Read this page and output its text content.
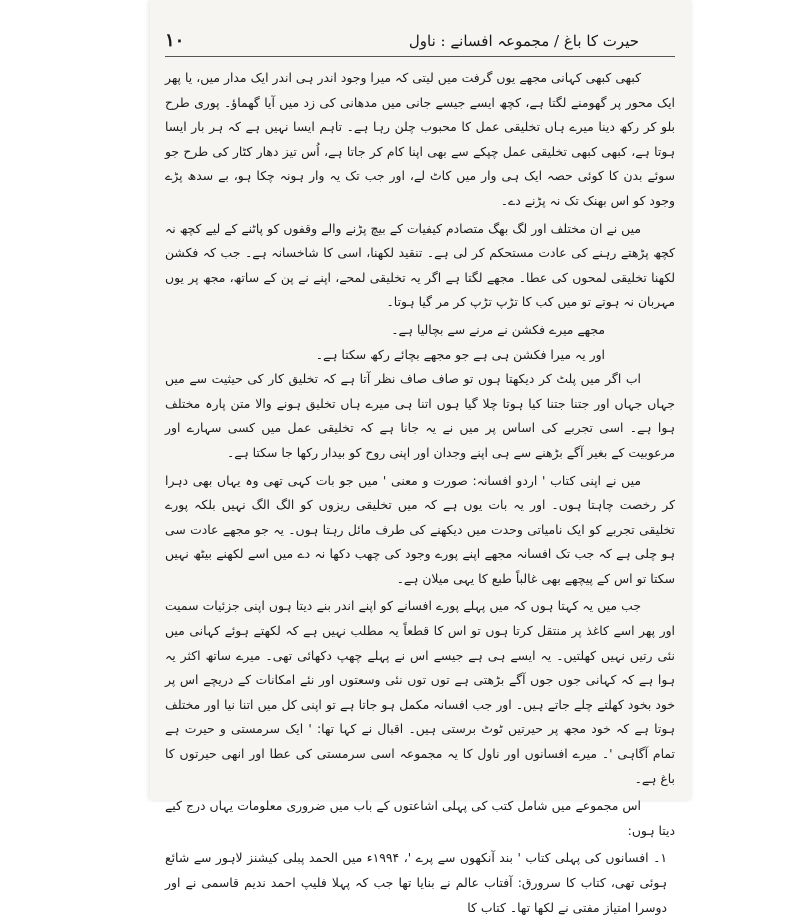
حیرت کا باغ / مجموعہ افسانے : ناول
۱۰

کبھی کبھی کہانی مجھے یوں گرفت میں لیتی کہ میرا وجود اندر ہی اندر ایک مدار میں، یا پھر ایک محور پر گھومنے لگتا ہے، کچھ ایسے جیسے جانی میں مدھانی کی زد میں آیا گھماؤ۔ پوری طرح بلو کر رکھ دینا میرے ہاں تخلیقی عمل کا محبوب چلن رہا ہے۔ تاہم ایسا نہیں ہے کہ ہر بار ایسا ہوتا ہے، کبھی کبھی تخلیقی عمل چپکے سے بھی اپنا کام کر جاتا ہے، اُس تیز دھار کٹار کی طرح جو سوئے بدن کا کوئی حصہ ایک ہی وار میں کاٹ لے، اور جب تک یہ وار ہونہ چکا ہو، بے سدھ پڑے وجود کو اس بھنک تک نہ پڑنے دے۔

میں نے ان مختلف اور لگ بھگ متصادم کیفیات کے بیچ پڑنے والے وقفوں کو پاٹنے کے لیے کچھ نہ کچھ پڑھتے رہنے کی عادت مستحکم کر لی ہے۔ تنقید لکھنا، اسی کا شاخسانہ ہے۔ جب کہ فکشن لکھنا تخلیقی لمحوں کی عطا۔ مجھے لگتا ہے اگر یہ تخلیقی لمحے، اپنے نے پن کے ساتھ، مجھ پر یوں مہربان نہ ہوتے تو میں کب کا تڑپ تڑپ کر مر گیا ہوتا۔

مجھے میرے فکشن نے مرنے سے بچالیا ہے۔

اور یہ میرا فکشن ہی ہے جو مجھے بچائے رکھ سکتا ہے۔

اب اگر میں پلٹ کر دیکھتا ہوں تو صاف صاف نظر آتا ہے کہ تخلیق کار کی حیثیت سے میں جہاں جہاں اور جتنا جتنا کیا ہوتا چلا گیا ہوں اتنا ہی میرے ہاں تخلیق ہونے والا متن پارہ مختلف ہوا ہے۔ اسی تجربے کی اساس پر میں نے یہ جانا ہے کہ تخلیقی عمل میں کسی سہارے اور مرعوبیت کے بغیر آگے بڑھنے سے ہی اپنے وجدان اور اپنی روح کو بیدار رکھا جا سکتا ہے۔

میں نے اپنی کتاب ' اردو افسانہ: صورت و معنی ' میں جو بات کہی تھی وہ یہاں بھی دہرا کر رخصت چاہتا ہوں۔ اور یہ بات یوں ہے کہ میں تخلیقی ریزوں کو الگ الگ نہیں بلکہ پورے تخلیقی تجربے کو ایک نامیاتی وحدت میں دیکھنے کی طرف مائل رہتا ہوں۔ یہ جو مجھے عادت سی ہو چلی ہے کہ جب تک افسانہ مجھے اپنے پورے وجود کی چھب دکھا نہ دے میں اسے لکھنے بیٹھ نہیں سکتا تو اس کے پیچھے بھی غالباً طبع کا یہی میلان ہے۔

جب میں یہ کہتا ہوں کہ میں پہلے پورے افسانے کو اپنے اندر بنے دیتا ہوں اپنی جزئیات سمیت اور پھر اسے کاغذ پر منتقل کرتا ہوں تو اس کا قطعاً یہ مطلب نہیں ہے کہ لکھتے ہوئے کہانی میں نئی رتیں نہیں کھلتیں۔ یہ ایسے ہی ہے جیسے اس نے پہلے چھپ دکھائی تھی۔ میرے ساتھ اکثر یہ ہوا ہے کہ کہانی جوں جوں آگے بڑھتی ہے توں توں نئی وسعتوں اور نئے امکانات کے دریچے اس پر خود بخود کھلتے چلے جاتے ہیں۔ اور جب افسانہ مکمل ہو جاتا ہے تو اپنی کل میں اتنا نیا اور مختلف ہوتا ہے کہ خود مجھ پر حیرتیں ٹوٹ برستی ہیں۔ اقبال نے کہا تھا: ' ایک سرمستی و حیرت ہے تمام آگاہی '۔ میرے افسانوں اور ناول کا یہ مجموعہ اسی سرمستی کی عطا اور انھی حیرتوں کا باغ ہے۔

اس مجموعے میں شامل کتب کی پہلی اشاعتوں کے باب میں ضروری معلومات یہاں درج کیے دیتا ہوں:

۱۔ افسانوں کی پہلی کتاب ' بند آنکھوں سے پرے '، ۱۹۹۴ء میں الحمد پبلی کیشنز لاہور سے شائع ہوئی تھی، کتاب کا سرورق: آفتاب عالم نے بنایا تھا جب کہ پہلا فلیپ احمد ندیم قاسمی نے اور دوسرا امتیاز مفتی نے لکھا تھا۔ کتاب کا
